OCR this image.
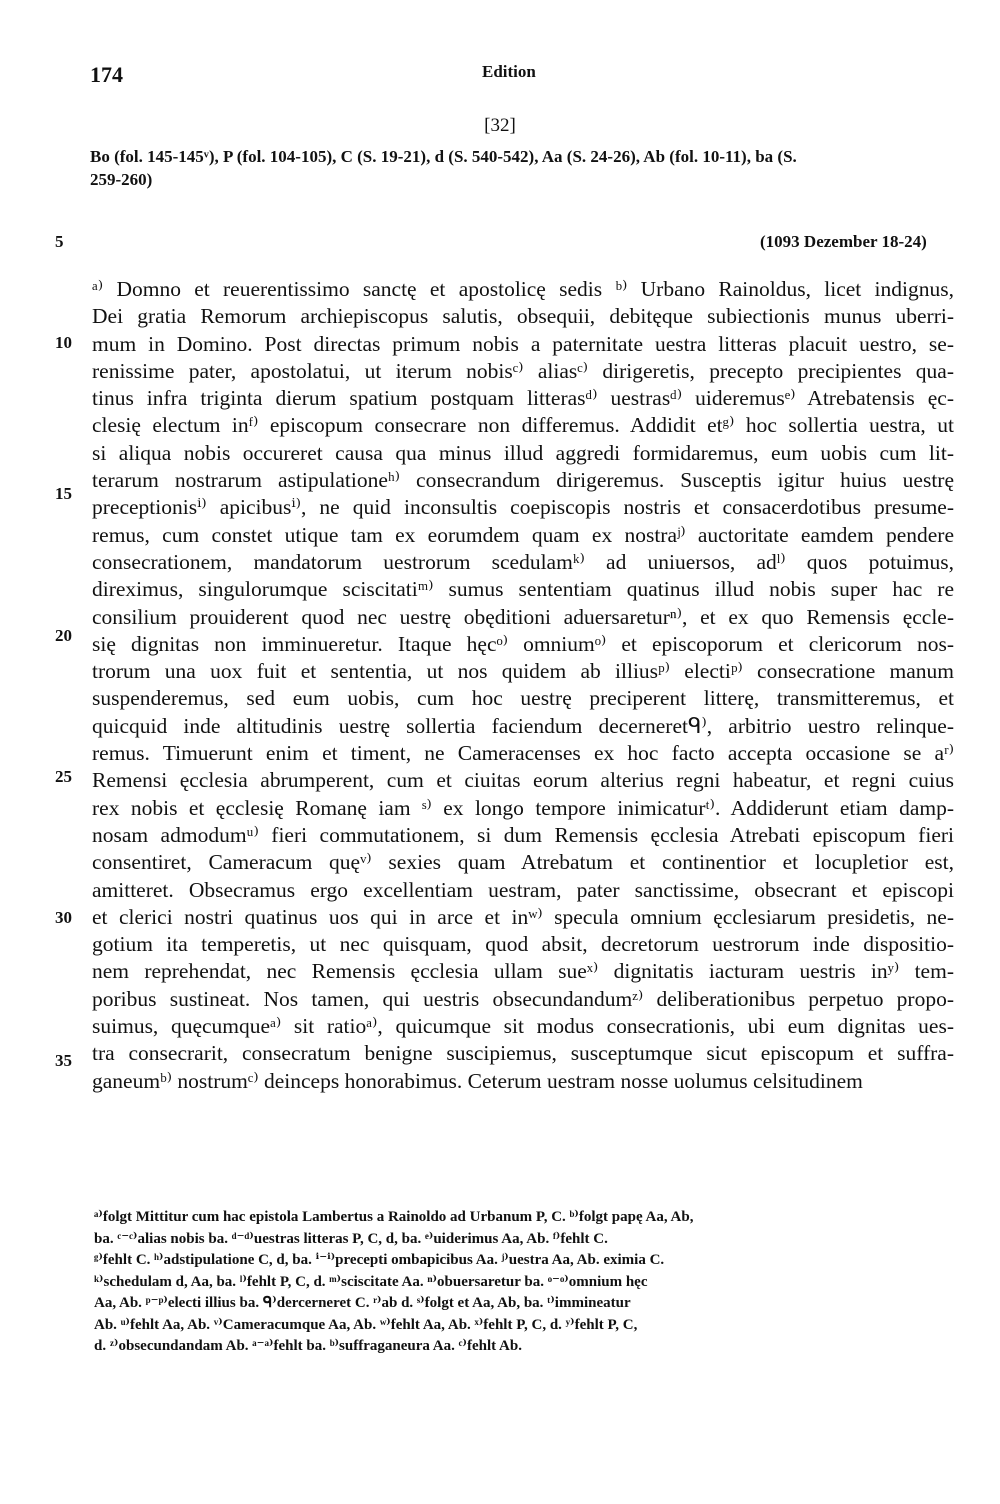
174	Edition
[32]
Bo (fol. 145-145ᵛ), P (fol. 104-105), C (S. 19-21), d (S. 540-542), Aa (S. 24-26), Ab (fol. 10-11), ba (S.
259-260)
5	(1093 Dezember 18-24)
10
15
20
25
30
35
ᵃ⁾ Domno et reuerentissimo sanctę et apostolicę sedis ᵇ⁾ Urbano Rainoldus, licet indignus,
Dei gratia Remorum archiepiscopus salutis, obsequii, debitęque subiectionis munus uberri-
mum in Domino. Post directas primum nobis a paternitate uestra litteras placuit uestro, se-
renissime pater, apostolatui, ut iterum nobisᶜ⁾ aliasᶜ⁾ dirigeretis, precepto precipientes qua-
tinus infra triginta dierum spatium postquam litterasᵈ⁾ uestrasᵈ⁾ uideremusᵉ⁾ Atrebatensis ęc-
clesię electum inᶠ⁾ episcopum consecrare non differemus. Addidit etᵍ⁾ hoc sollertia uestra, ut
si aliqua nobis occureret causa qua minus illud aggredi formidaremus, eum uobis cum lit-
terarum nostrarum astipulationeʰ⁾ consecrandum dirigeremus. Susceptis igitur huius uestrę
preceptionisⁱ⁾ apicibusⁱ⁾, ne quid inconsultis coepiscopis nostris et consacerdotibus presume-
remus, cum constet utique tam ex eorumdem quam ex nostraʲ⁾ auctoritate eamdem pendere
consecrationem, mandatorum uestrorum scedulamᵏ⁾ ad uniuersos, adˡ⁾ quos potuimus,
direximus, singulorumque sciscitatiᵐ⁾ sumus sententiam quatinus illud nobis super hac re
consilium prouiderent quod nec uestrę obęditioni aduersareturⁿ⁾, et ex quo Remensis ęccle-
się dignitas non imminueretur. Itaque hęcᵒ⁾ omniumᵒ⁾ et episcoporum et clericorum nos-
trorum una uox fuit et sententia, ut nos quidem ab illiusᵖ⁾ electiᵖ⁾ consecratione manum
suspenderemus, sed eum uobis, cum hoc uestrę preciperent litterę, transmitteremus, et
quicquid inde altitudinis uestrę sollertia faciendum decerneretᑫ⁾, arbitrio uestro relinque-
remus. Timuerunt enim et timent, ne Cameracenses ex hoc facto accepta occasione se aʳ⁾
Remensi ęcclesia abrumperent, cum et ciuitas eorum alterius regni habeatur, et regni cuius
rex nobis et ęcclesię Romanę iam ˢ⁾ ex longo tempore inimicaturᵗ⁾. Addiderunt etiam damp-
nosam admodumᵘ⁾ fieri commutationem, si dum Remensis ęcclesia Atrebati episcopum fieri
consentiret, Cameracum quęᵛ⁾ sexies quam Atrebatum et continentior et locupletior est,
amitteret. Obsecramus ergo excellentiam uestram, pater sanctissime, obsecrant et episcopi
et clerici nostri quatinus uos qui in arce et inʷ⁾ specula omnium ęcclesiarum presidetis, ne-
gotium ita temperetis, ut nec quisquam, quod absit, decretorum uestrorum inde dispositio-
nem reprehendat, nec Remensis ęcclesia ullam sueˣ⁾ dignitatis iacturam uestris inʸ⁾ tem-
poribus sustineat. Nos tamen, qui uestris obsecundandumᶻ⁾ deliberationibus perpetuo propo-
suimus, quęcumqueᵃ⁾ sit ratioᵃ⁾, quicumque sit modus consecrationis, ubi eum dignitas ues-
tra consecrarit, consecratum benigne suscipiemus, susceptumque sicut episcopum et suffra-
ganeumᵇ⁾ nostrumᶜ⁾ deinceps honorabimus. Ceterum uestram nosse uolumus celsitudinem
ᵃ⁾folgt Mittitur cum hac epistola Lambertus a Rainoldo ad Urbanum P, C. ᵇ⁾folgt papę Aa, Ab,
ba. ᶜ⁻ᶜ⁾alias nobis ba. ᵈ⁻ᵈ⁾uestras litteras P, C, d, ba. ᵉ⁾uiderimus Aa, Ab. ᶠ⁾fehlt C.
ᵍ⁾fehlt C. ʰ⁾adstipulatione C, d, ba. ⁱ⁻ⁱ⁾precepti ombapicibus Aa. ʲ⁾uestra Aa, Ab. eximia C.
ᵏ⁾schedulam d, Aa, ba. ˡ⁾fehlt P, C, d. ᵐ⁾sciscitate Aa. ⁿ⁾obuersaretur ba. ᵒ⁻ᵒ⁾omnium hęc
Aa, Ab. ᵖ⁻ᵖ⁾electi illius ba. ᑫ⁾dercerneret C. ʳ⁾ab d. ˢ⁾folgt et Aa, Ab, ba. ᵗ⁾immineatur
Ab. ᵘ⁾fehlt Aa, Ab. ᵛ⁾Cameracumque Aa, Ab. ʷ⁾fehlt Aa, Ab. ˣ⁾fehlt P, C, d. ʸ⁾fehlt P, C,
d. ᶻ⁾obsecundandam Ab. ᵃ⁻ᵃ⁾fehlt ba. ᵇ⁾suffraganeura Aa. ᶜ⁾fehlt Ab.
